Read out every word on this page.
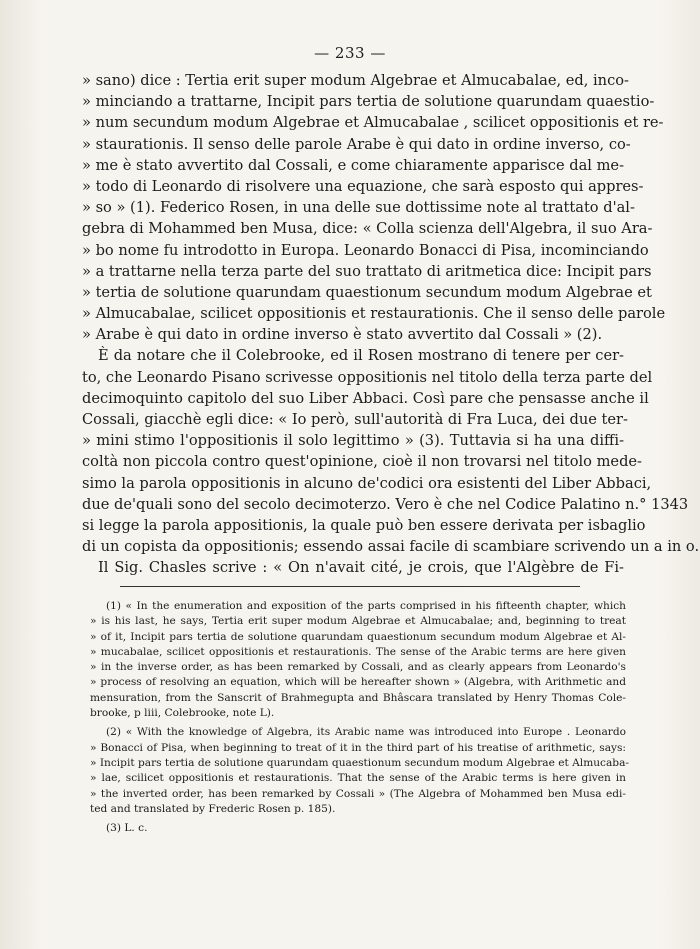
— 233 —
» sano) dice : Tertia erit super modum Algebrae et Almucabalae, ed, inco-
» minciando a trattarne, Incipit pars tertia de solutione quarundam quaestio-
» num secundum modum Algebrae et Almucabalae , scilicet oppositionis et re-
» staurationis. Il senso delle parole Arabe è qui dato in ordine inverso, co-
» me è stato avvertito dal Cossali, e come chiaramente apparisce dal me-
» todo di Leonardo di risolvere una equazione, che sarà esposto qui appres-
» so » (1). Federico Rosen, in una delle sue dottissime note al trattato d'al-
gebra di Mohammed ben Musa, dice: « Colla scienza dell'Algebra, il suo Ara-
» bo nome fu introdotto in Europa. Leonardo Bonacci di Pisa, incominciando
» a trattarne nella terza parte del suo trattato di aritmetica dice: Incipit pars
» tertia de solutione quarundam quaestionum secundum modum Algebrae et
» Almucabalae, scilicet oppositionis et restaurationis. Che il senso delle parole
» Arabe è qui dato in ordine inverso è stato avvertito dal Cossali » (2).
È da notare che il Colebrooke, ed il Rosen mostrano di tenere per cer-
to, che Leonardo Pisano scrivesse oppositionis nel titolo della terza parte del
decimoquinto capitolo del suo Liber Abbaci. Così pare che pensasse anche il
Cossali, giacchè egli dice: « Io però, sull'autorità di Fra Luca, dei due ter-
» mini stimo l'oppositionis il solo legittimo » (3). Tuttavia si ha una diffi-
coltà non piccola contro quest'opinione, cioè il non trovarsi nel titolo mede-
simo la parola oppositionis in alcuno de'codici ora esistenti del Liber Abbaci,
due de'quali sono del secolo decimoterzo. Vero è che nel Codice Palatino n.° 1343
si legge la parola appositionis, la quale può ben essere derivata per isbaglio
di un copista da oppositionis; essendo assai facile di scambiare scrivendo un a in o.
Il Sig. Chasles scrive : « On n'avait cité, je crois, que l'Algèbre de Fi-
(1) « In the enumeration and exposition of the parts comprised in his fifteenth chapter, which
» is his last, he says, Tertia erit super modum Algebrae et Almucabalae; and, beginning to treat
» of it, Incipit pars tertia de solutione quarundam quaestionum secundum modum Algebrae et Al-
» mucabalae, scilicet oppositionis et restaurationis. The sense of the Arabic terms are here given
» in the inverse order, as has been remarked by Cossali, and as clearly appears from Leonardo's
» process of resolving an equation, which will be hereafter shown » (Algebra, with Arithmetic and
mensuration, from the Sanscrit of Brahmegupta and Bhâscara translated by Henry Thomas Cole-
brooke, p liii, Colebrooke, note L).
(2) « With the knowledge of Algebra, its Arabic name was introduced into Europe . Leonardo
» Bonacci of Pisa, when beginning to treat of it in the third part of his treatise of arithmetic, says:
» Incipit pars tertia de solutione quarundam quaestionum secundum modum Algebrae et Almucaba-
» lae, scilicet oppositionis et restaurationis. That the sense of the Arabic terms is here given in
» the inverted order, has been remarked by Cossali » (The Algebra of Mohammed ben Musa edi-
ted and translated by Frederic Rosen p. 185).
(3) L. c.
